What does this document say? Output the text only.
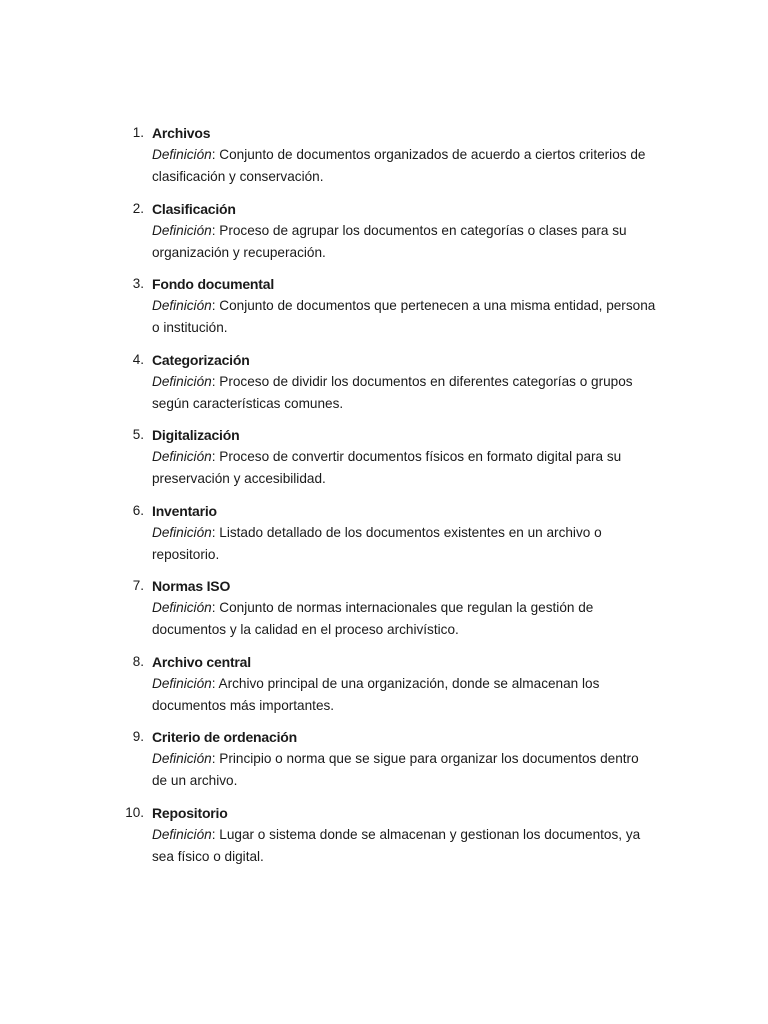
1. Archivos
Definición: Conjunto de documentos organizados de acuerdo a ciertos criterios de clasificación y conservación.
2. Clasificación
Definición: Proceso de agrupar los documentos en categorías o clases para su organización y recuperación.
3. Fondo documental
Definición: Conjunto de documentos que pertenecen a una misma entidad, persona o institución.
4. Categorización
Definición: Proceso de dividir los documentos en diferentes categorías o grupos según características comunes.
5. Digitalización
Definición: Proceso de convertir documentos físicos en formato digital para su preservación y accesibilidad.
6. Inventario
Definición: Listado detallado de los documentos existentes en un archivo o repositorio.
7. Normas ISO
Definición: Conjunto de normas internacionales que regulan la gestión de documentos y la calidad en el proceso archivístico.
8. Archivo central
Definición: Archivo principal de una organización, donde se almacenan los documentos más importantes.
9. Criterio de ordenación
Definición: Principio o norma que se sigue para organizar los documentos dentro de un archivo.
10. Repositorio
Definición: Lugar o sistema donde se almacenan y gestionan los documentos, ya sea físico o digital.
